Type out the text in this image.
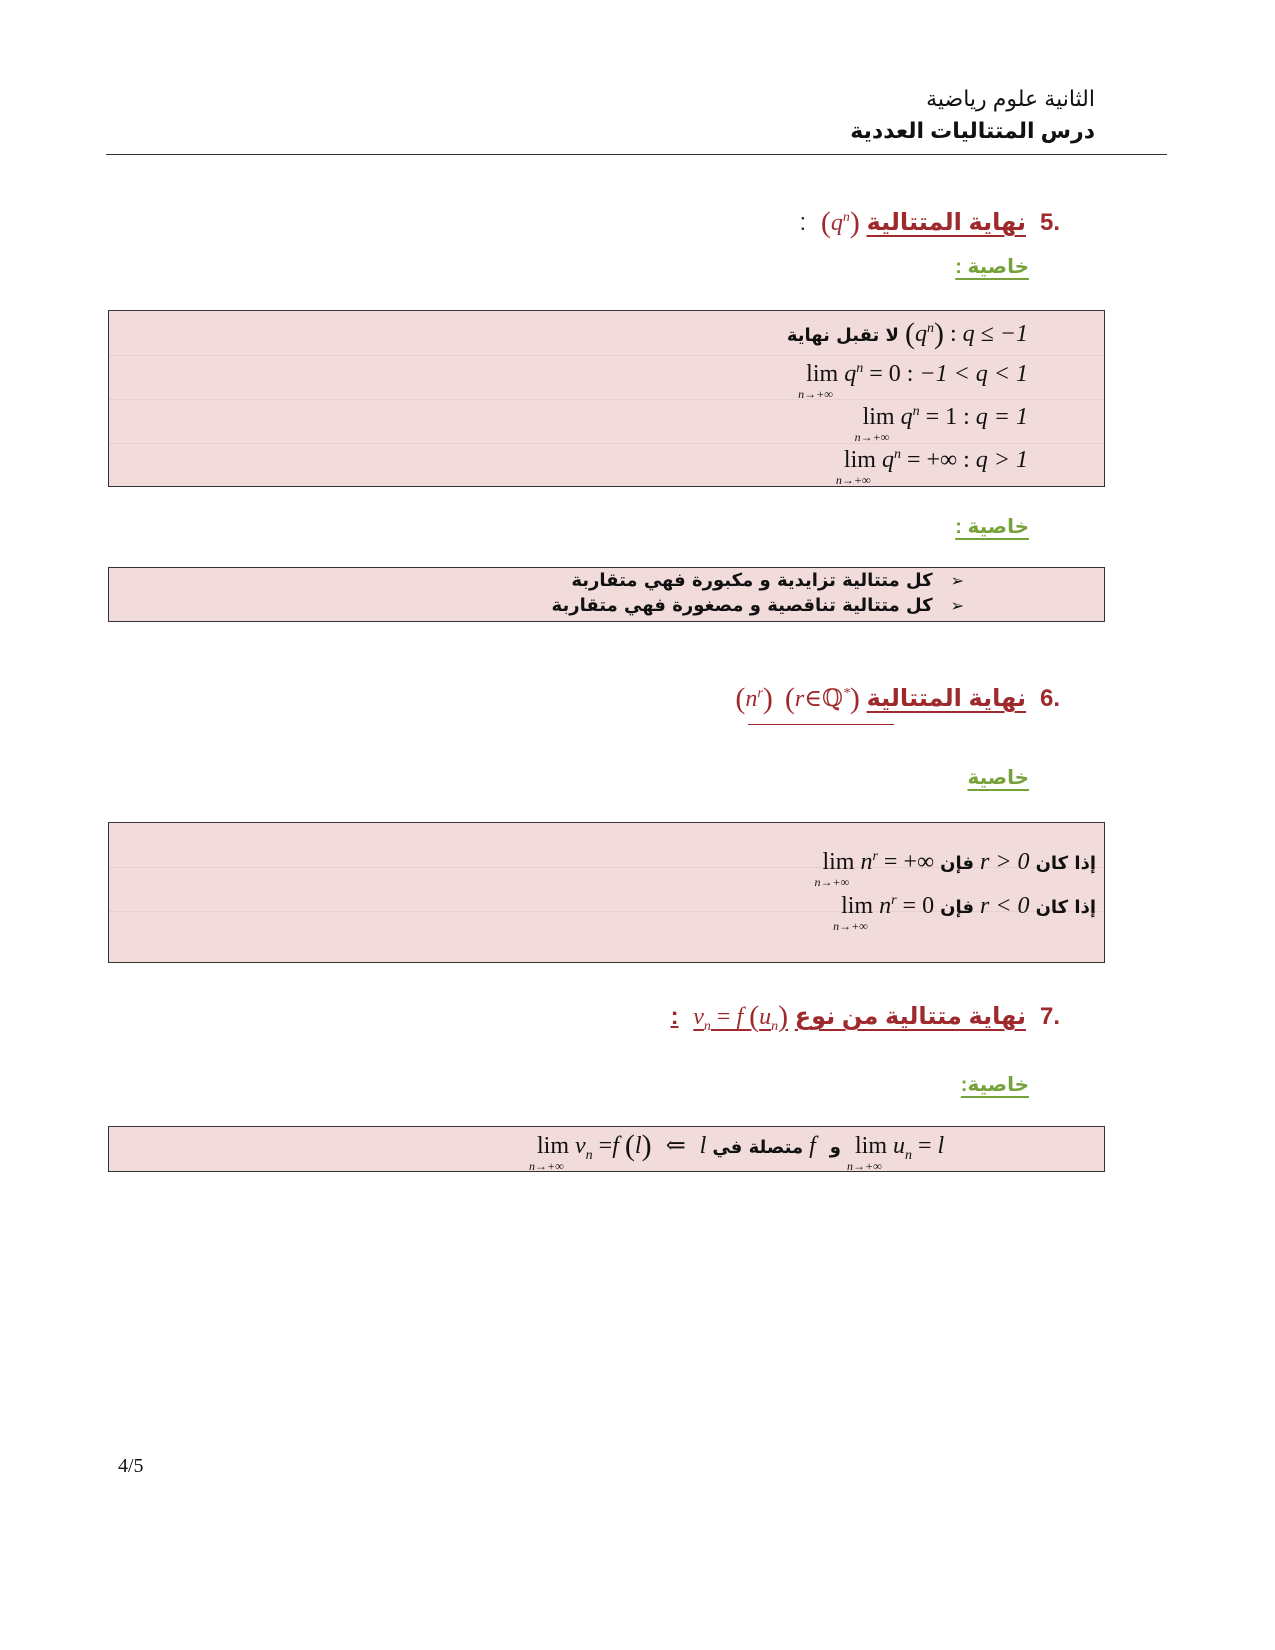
الثانية علوم رياضية
درس المتتاليات العددية
.5نهاية المتتالية $(q^n)$ :
خاصية :
لا تقبل نهاية $(q^n)$ : q ≤ −1
lim
n→+∞
$q^n = 0$ : −1 < q < 1
lim
n→+∞
$q^n = 1$ : q = 1
lim
n→+∞
$q^n$ = +∞ : q > 1
خاصية :
➢كل متتالية تزايدية و مكبورة فهي متقاربة
➢كل متتالية تناقصية و مصغورة فهي متقاربة
.6نهاية المتتالية $(n^r)$ (r∈ℚ*)
خاصية
lim
n→+∞
$n^r$ = +∞ فإن r > 0 إذا كان
lim
n→+∞
$n^r = 0$ فإن r < 0 إذا كان
.7نهاية متتالية من نوع $v_n = f$ $(u_n)$ :
خاصية:
lim
n→+∞
$v_n =f$ (l) ⇐ l متصلة في f و lim
n→+∞
$u_n = l$
4/5
